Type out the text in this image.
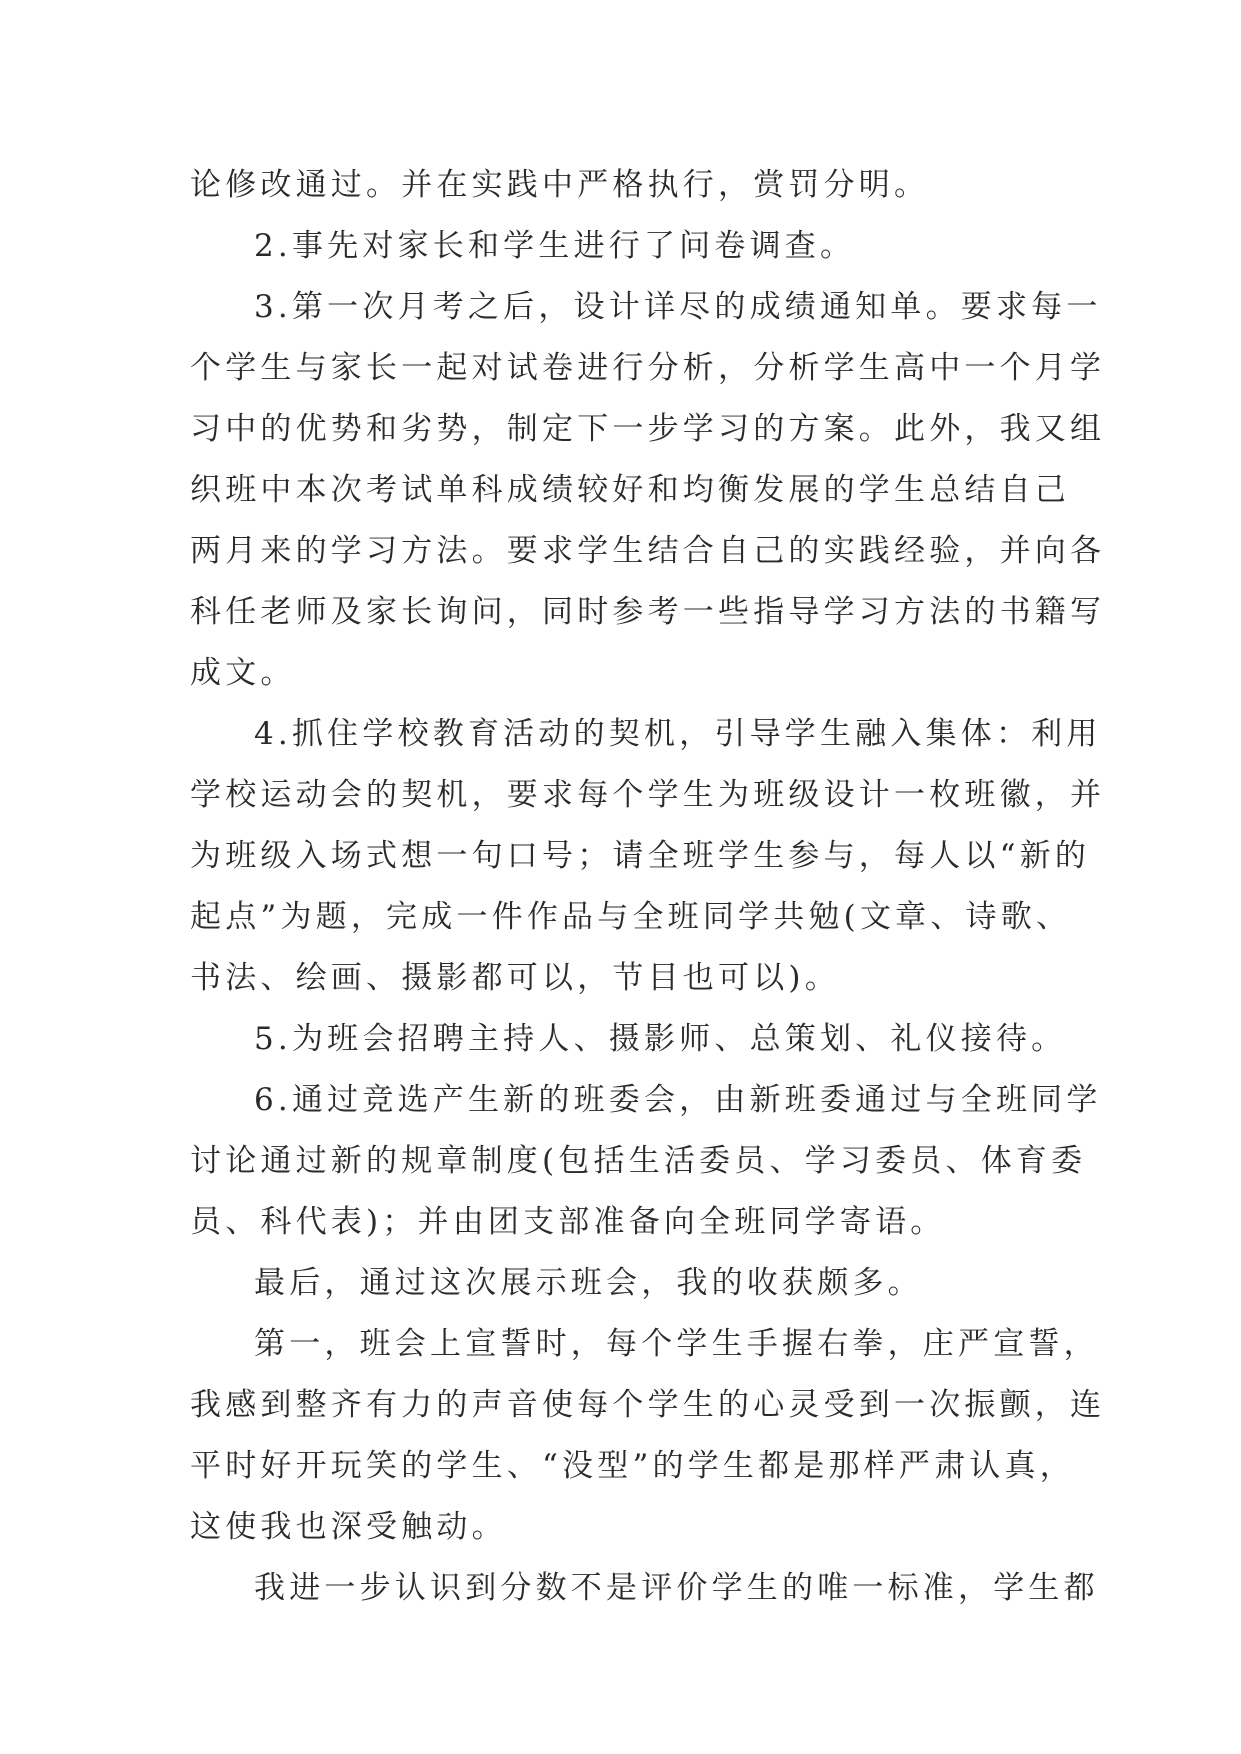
论修改通过。并在实践中严格执行，赏罚分明。
2.事先对家长和学生进行了问卷调查。
3.第一次月考之后，设计详尽的成绩通知单。要求每一
个学生与家长一起对试卷进行分析，分析学生高中一个月学
习中的优势和劣势，制定下一步学习的方案。此外，我又组
织班中本次考试单科成绩较好和均衡发展的学生总结自己
两月来的学习方法。要求学生结合自己的实践经验，并向各
科任老师及家长询问，同时参考一些指导学习方法的书籍写
成文。
4.抓住学校教育活动的契机，引导学生融入集体：利用
学校运动会的契机，要求每个学生为班级设计一枚班徽，并
为班级入场式想一句口号；请全班学生参与，每人以“新的
起点”为题，完成一件作品与全班同学共勉(文章、诗歌、
书法、绘画、摄影都可以，节目也可以)。
5.为班会招聘主持人、摄影师、总策划、礼仪接待。
6.通过竞选产生新的班委会，由新班委通过与全班同学
讨论通过新的规章制度(包括生活委员、学习委员、体育委
员、科代表)；并由团支部准备向全班同学寄语。
最后，通过这次展示班会，我的收获颇多。
第一，班会上宣誓时，每个学生手握右拳，庄严宣誓，
我感到整齐有力的声音使每个学生的心灵受到一次振颤，连
平时好开玩笑的学生、“没型”的学生都是那样严肃认真，
这使我也深受触动。
我进一步认识到分数不是评价学生的唯一标准，学生都
